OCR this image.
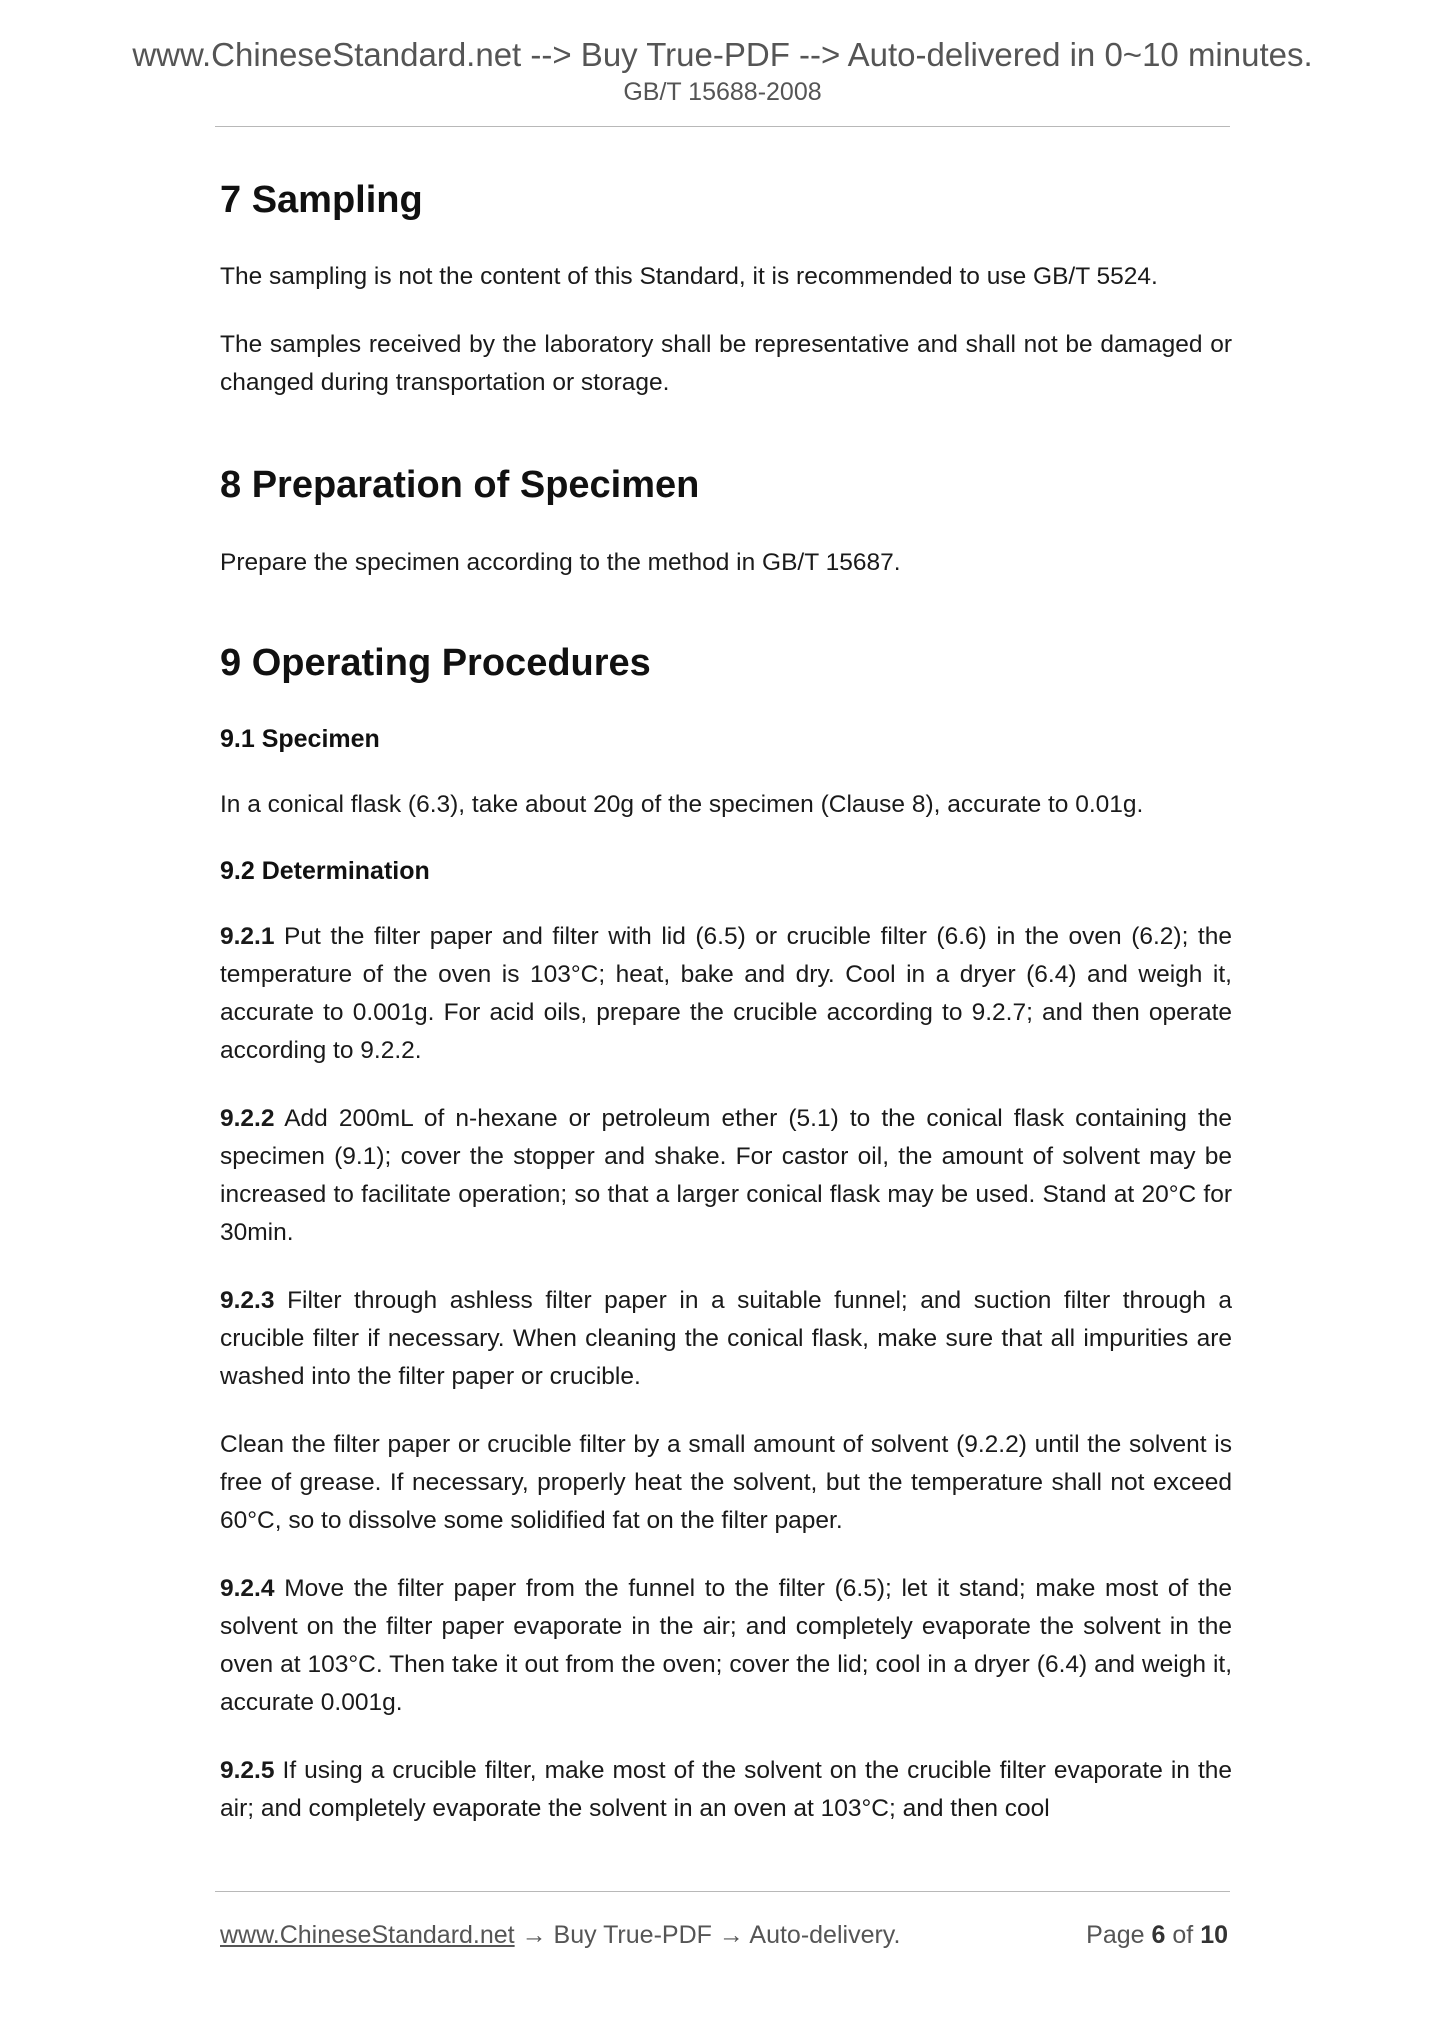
www.ChineseStandard.net --> Buy True-PDF --> Auto-delivered in 0~10 minutes.
GB/T 15688-2008
7 Sampling

The sampling is not the content of this Standard, it is recommended to use GB/T 5524.

The samples received by the laboratory shall be representative and shall not be damaged or changed during transportation or storage.

8 Preparation of Specimen

Prepare the specimen according to the method in GB/T 15687.

9 Operating Procedures
9.1 Specimen

In a conical flask (6.3), take about 20g of the specimen (Clause 8), accurate to 0.01g.

9.2 Determination

9.2.1 Put the filter paper and filter with lid (6.5) or crucible filter (6.6) in the oven (6.2); the temperature of the oven is 103°C; heat, bake and dry. Cool in a dryer (6.4) and weigh it, accurate to 0.001g. For acid oils, prepare the crucible according to 9.2.7; and then operate according to 9.2.2.

9.2.2 Add 200mL of n-hexane or petroleum ether (5.1) to the conical flask containing the specimen (9.1); cover the stopper and shake. For castor oil, the amount of solvent may be increased to facilitate operation; so that a larger conical flask may be used. Stand at 20°C for 30min.

9.2.3 Filter through ashless filter paper in a suitable funnel; and suction filter through a crucible filter if necessary. When cleaning the conical flask, make sure that all impurities are washed into the filter paper or crucible.

Clean the filter paper or crucible filter by a small amount of solvent (9.2.2) until the solvent is free of grease. If necessary, properly heat the solvent, but the temperature shall not exceed 60°C, so to dissolve some solidified fat on the filter paper.

9.2.4 Move the filter paper from the funnel to the filter (6.5); let it stand; make most of the solvent on the filter paper evaporate in the air; and completely evaporate the solvent in the oven at 103°C. Then take it out from the oven; cover the lid; cool in a dryer (6.4) and weigh it, accurate 0.001g.

9.2.5 If using a crucible filter, make most of the solvent on the crucible filter evaporate in the air; and completely evaporate the solvent in an oven at 103°C; and then cool

www.ChineseStandard.net → Buy True-PDF → Auto-delivery.	Page 6 of 10
